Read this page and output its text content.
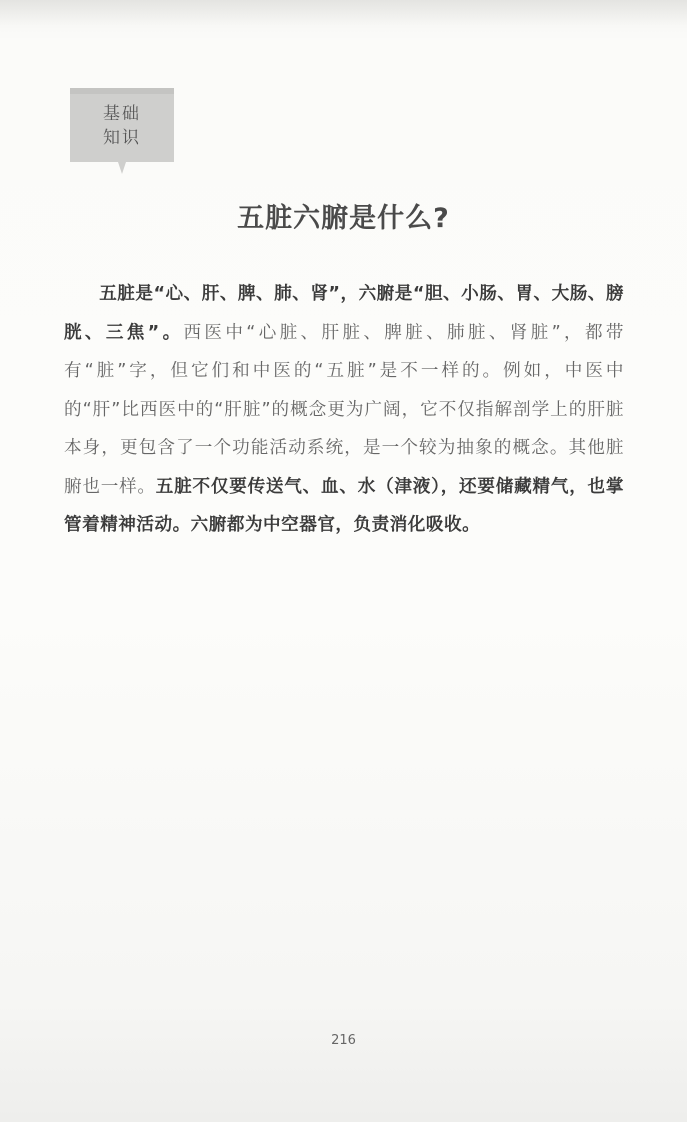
基础
知识
五脏六腑是什么?

五脏是“心、肝、脾、肺、肾”，六腑是“胆、小肠、胃、大肠、膀胱、三焦”。西医中“心脏、肝脏、脾脏、肺脏、肾脏”，都带有“脏”字，但它们和中医的“五脏”是不一样的。例如，中医中的“肝”比西医中的“肝脏”的概念更为广阔，它不仅指解剖学上的肝脏本身，更包含了一个功能活动系统，是一个较为抽象的概念。其他脏腑也一样。五脏不仅要传送气、血、水（津液），还要储藏精气，也掌管着精神活动。六腑都为中空器官，负责消化吸收。

216
